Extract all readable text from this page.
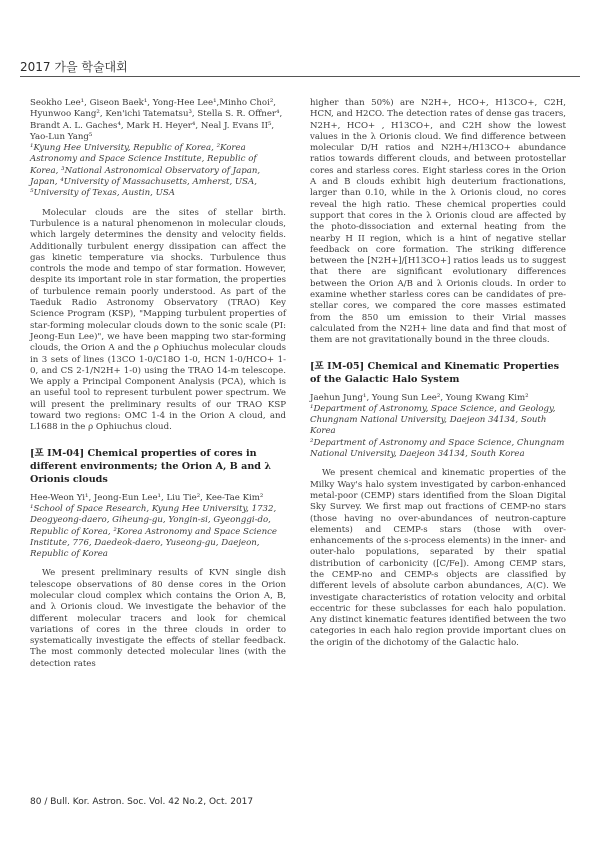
2017 가을 학술대회

Seokho Lee¹, Giseon Baek¹, Yong-Hee Lee¹,Minho Choi², Hyunwoo Kang², Ken'ichi Tatematsu³, Stella S. R. Offner⁴, Brandt A. L. Gaches⁴, Mark H. Heyer⁴, Neal J. Evans II⁵, Yao-Lun Yang⁵

¹Kyung Hee University, Republic of Korea, ²Korea Astronomy and Space Science Institute, Republic of Korea, ³National Astronomical Observatory of Japan, Japan, ⁴University of Massachusetts, Amherst, USA, ⁵University of Texas, Austin, USA

Molecular clouds are the sites of stellar birth. Turbulence is a natural phenomenon in molecular clouds, which largely determines the density and velocity fields. Additionally turbulent energy dissipation can affect the gas kinetic temperature via shocks. Turbulence thus controls the mode and tempo of star formation. However, despite its important role in star formation, the properties of turbulence remain poorly understood. As part of the Taeduk Radio Astronomy Observatory (TRAO) Key Science Program (KSP), "Mapping turbulent properties of star-forming molecular clouds down to the sonic scale (PI: Jeong-Eun Lee)", we have been mapping two star-forming clouds, the Orion A and the ρ Ophiuchus molecular clouds in 3 sets of lines (13CO 1-0/C18O 1-0, HCN 1-0/HCO+ 1-0, and CS 2-1/N2H+ 1-0) using the TRAO 14-m telescope. We apply a Principal Component Analysis (PCA), which is an useful tool to represent turbulent power spectrum. We will present the preliminary results of our TRAO KSP toward two regions: OMC 1-4 in the Orion A cloud, and L1688 in the ρ Ophiuchus cloud.

[포 IM-04] Chemical properties of cores in different environments; the Orion A, B and λ Orionis clouds

Hee-Weon Yi¹, Jeong-Eun Lee¹, Liu Tie², Kee-Tae Kim²

¹School of Space Research, Kyung Hee University, 1732, Deogyeong-daero, Giheung-gu, Yongin-si, Gyeonggi-do, Republic of Korea, ²Korea Astronomy and Space Science Institute, 776, Daedeok-daero, Yuseong-gu, Daejeon, Republic of Korea

We present preliminary results of KVN single dish telescope observations of 80 dense cores in the Orion molecular cloud complex which contains the Orion A, B, and λ Orionis cloud. We investigate the behavior of the different molecular tracers and look for chemical variations of cores in the three clouds in order to systematically investigate the effects of stellar feedback. The most commonly detected molecular lines (with the detection rates

higher than 50%) are N2H+, HCO+, H13CO+, C2H, HCN, and H2CO. The detection rates of dense gas tracers, N2H+, HCO+ , H13CO+, and C2H show the lowest values in the λ Orionis cloud. We find difference between molecular D/H ratios and N2H+/H13CO+ abundance ratios towards different clouds, and between protostellar cores and starless cores. Eight starless cores in the Orion A and B clouds exhibit high deuterium fractionations, larger than 0.10, while in the λ Orionis cloud, no cores reveal the high ratio. These chemical properties could support that cores in the λ Orionis cloud are affected by the photo-dissociation and external heating from the nearby H II region, which is a hint of negative stellar feedback on core formation. The striking difference between the [N2H+]/[H13CO+] ratios leads us to suggest that there are significant evolutionary differences between the Orion A/B and λ Orionis clouds. In order to examine whether starless cores can be candidates of pre-stellar cores, we compared the core masses estimated from the 850 um emission to their Virial masses calculated from the N2H+ line data and find that most of them are not gravitationally bound in the three clouds.

[포 IM-05] Chemical and Kinematic Properties of the Galactic Halo System

Jaehun Jung¹, Young Sun Lee², Young Kwang Kim²

¹Department of Astronomy, Space Science, and Geology, Chungnam National University, Daejeon 34134, South Korea

²Department of Astronomy and Space Science, Chungnam National University, Daejeon 34134, South Korea

We present chemical and kinematic properties of the Milky Way's halo system investigated by carbon-enhanced metal-poor (CEMP) stars identified from the Sloan Digital Sky Survey. We first map out fractions of CEMP-no stars (those having no over-abundances of neutron-capture elements) and CEMP-s stars (those with over-enhancements of the s-process elements) in the inner- and outer-halo populations, separated by their spatial distribution of carbonicity ([C/Fe]). Among CEMP stars, the CEMP-no and CEMP-s objects are classified by different levels of absolute carbon abundances, A(C). We investigate characteristics of rotation velocity and orbital eccentric for these subclasses for each halo population. Any distinct kinematic features identified between the two categories in each halo region provide important clues on the origin of the dichotomy of the Galactic halo.

80 / Bull. Kor. Astron. Soc. Vol. 42 No.2, Oct. 2017
